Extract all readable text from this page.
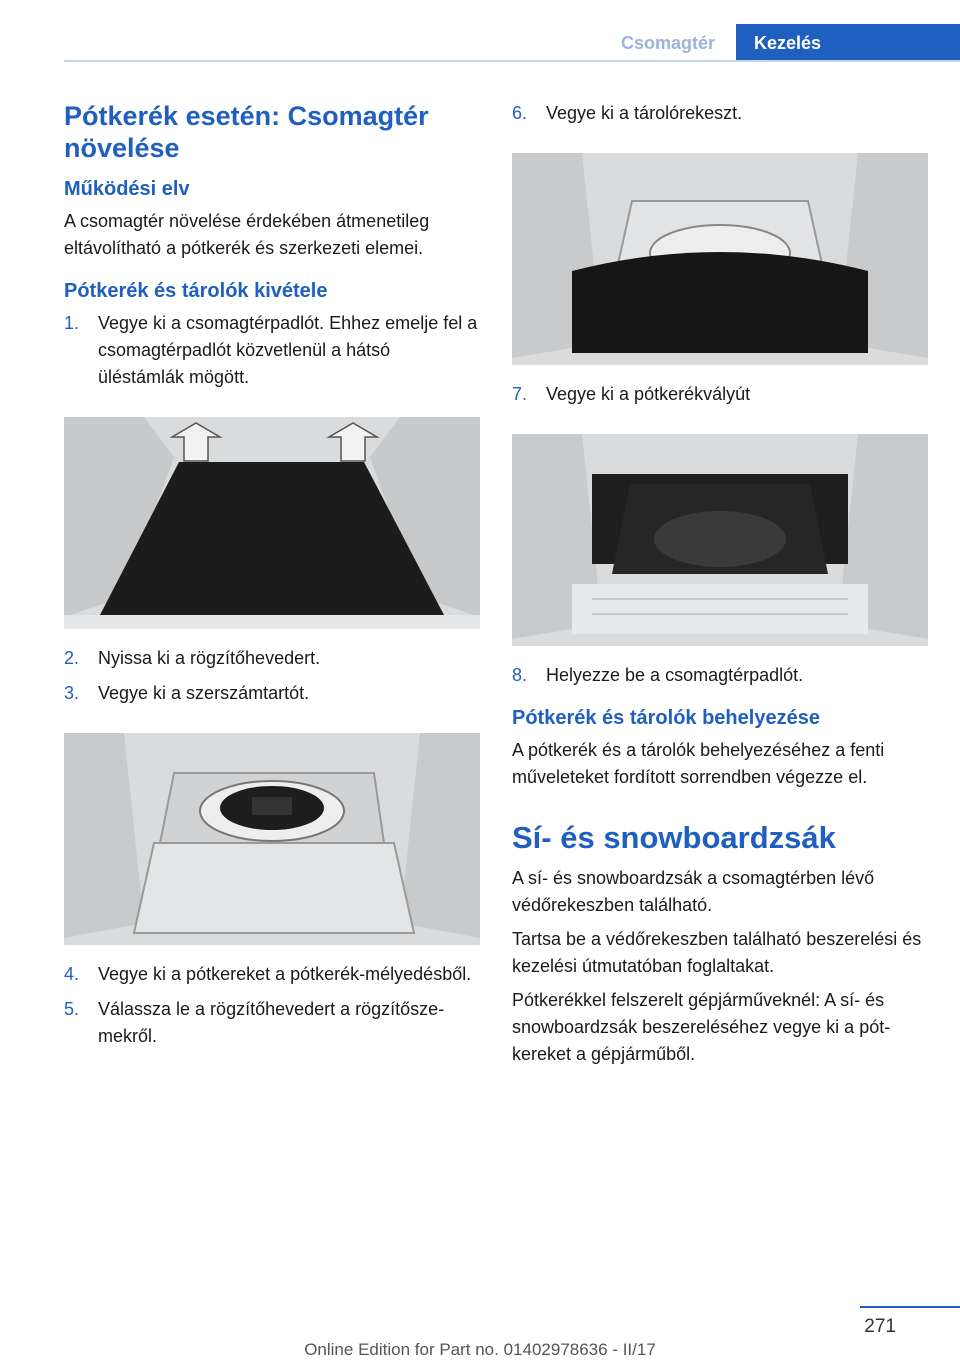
Csomagtér	Kezelés
Pótkerék esetén: Csomagtér növelése
Működési elv

A csomagtér növelése érdekében átmenetileg eltávolítható a pótkerék és szerkezeti elemei.

Pótkerék és tárolók kivétele
1.	Vegye ki a csomagtérpadlót. Ehhez emelje fel a csomagtérpadlót közvetlenül a hátsó üléstámlák mögött.
2.	Nyissa ki a rögzítőhevedert.
3.	Vegye ki a szerszámtartót.
4.	Vegye ki a pótkereket a pótkerék-mélyedésből.
5.	Válassza le a rögzítőhevedert a rögzítőszemekről.
6.	Vegye ki a tárolórekeszt.
7.	Vegye ki a pótkerékvályút
8.	Helyezze be a csomagtérpadlót.
Pótkerék és tárolók behelyezése

A pótkerék és a tárolók behelyezéséhez a fenti műveleteket fordított sorrendben végezze el.

Sí- és snowboardzsák

A sí- és snowboardzsák a csomagtérben lévő védőrekeszben található.

Tartsa be a védőrekeszben található beszerelési és kezelési útmutatóban foglaltakat.

Pótkerékkel felszerelt gépjárműveknél: A sí- és snowboardzsák beszereléséhez vegye ki a pótkereket a gépjárműből.

271
Online Edition for Part no. 01402978636 - II/17
